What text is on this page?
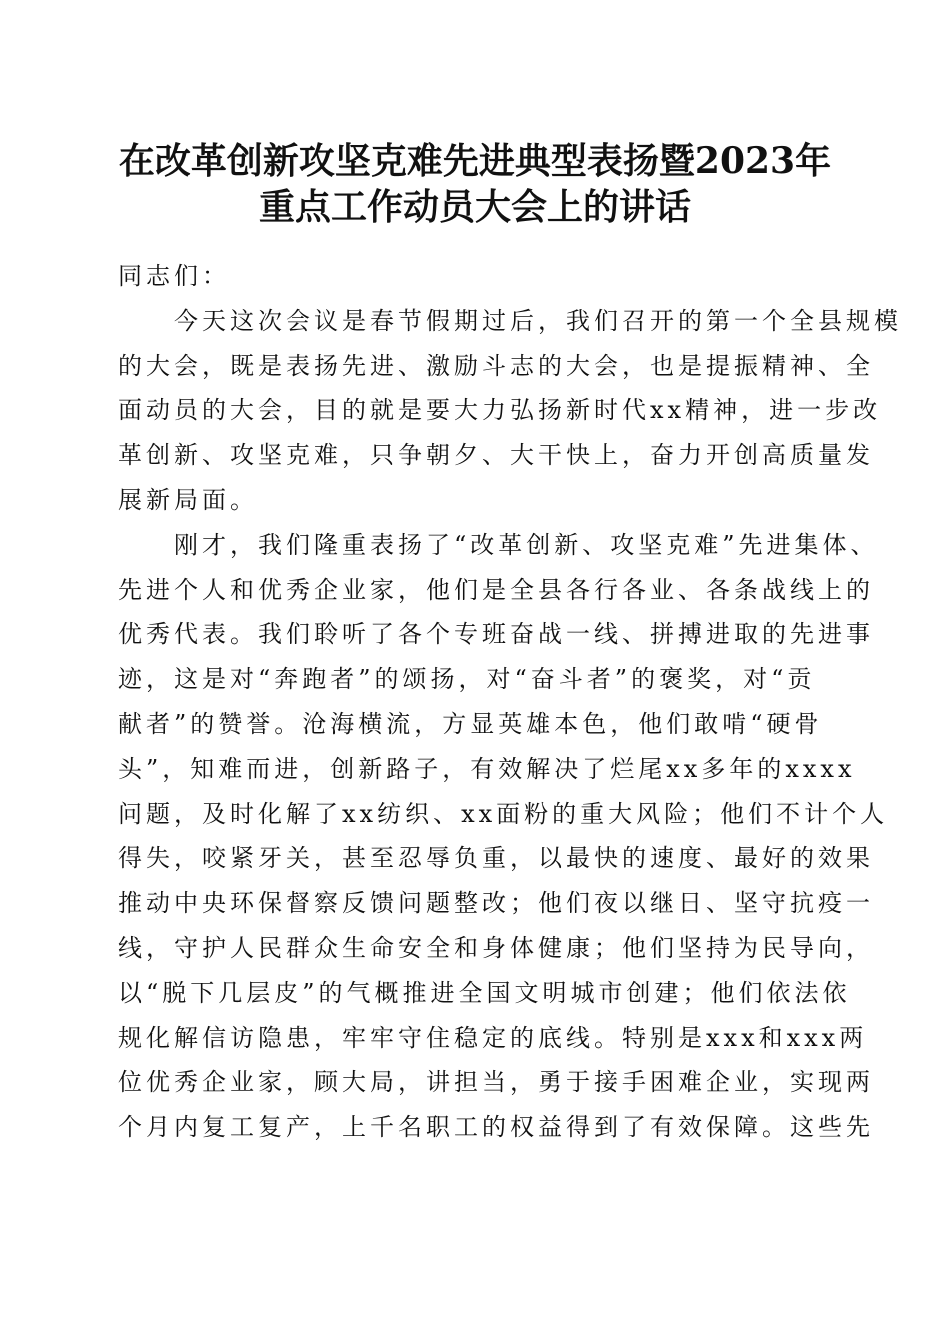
在改革创新攻坚克难先进典型表扬暨2023年
重点工作动员大会上的讲话
同志们：
　　今天这次会议是春节假期过后，我们召开的第一个全县规模
的大会，既是表扬先进、激励斗志的大会，也是提振精神、全
面动员的大会，目的就是要大力弘扬新时代xx精神，进一步改
革创新、攻坚克难，只争朝夕、大干快上，奋力开创高质量发
展新局面。
　　刚才，我们隆重表扬了“改革创新、攻坚克难”先进集体、
先进个人和优秀企业家，他们是全县各行各业、各条战线上的
优秀代表。我们聆听了各个专班奋战一线、拼搏进取的先进事
迹，这是对“奔跑者”的颂扬，对“奋斗者”的褒奖，对“贡
献者”的赞誉。沧海横流，方显英雄本色，他们敢啃“硬骨
头”，知难而进，创新路子，有效解决了烂尾xx多年的xxxx
问题，及时化解了xx纺织、xx面粉的重大风险；他们不计个人
得失，咬紧牙关，甚至忍辱负重，以最快的速度、最好的效果
推动中央环保督察反馈问题整改；他们夜以继日、坚守抗疫一
线，守护人民群众生命安全和身体健康；他们坚持为民导向，
以“脱下几层皮”的气概推进全国文明城市创建；他们依法依
规化解信访隐患，牢牢守住稳定的底线。特别是xxx和xxx两
位优秀企业家，顾大局，讲担当，勇于接手困难企业，实现两
个月内复工复产，上千名职工的权益得到了有效保障。这些先
